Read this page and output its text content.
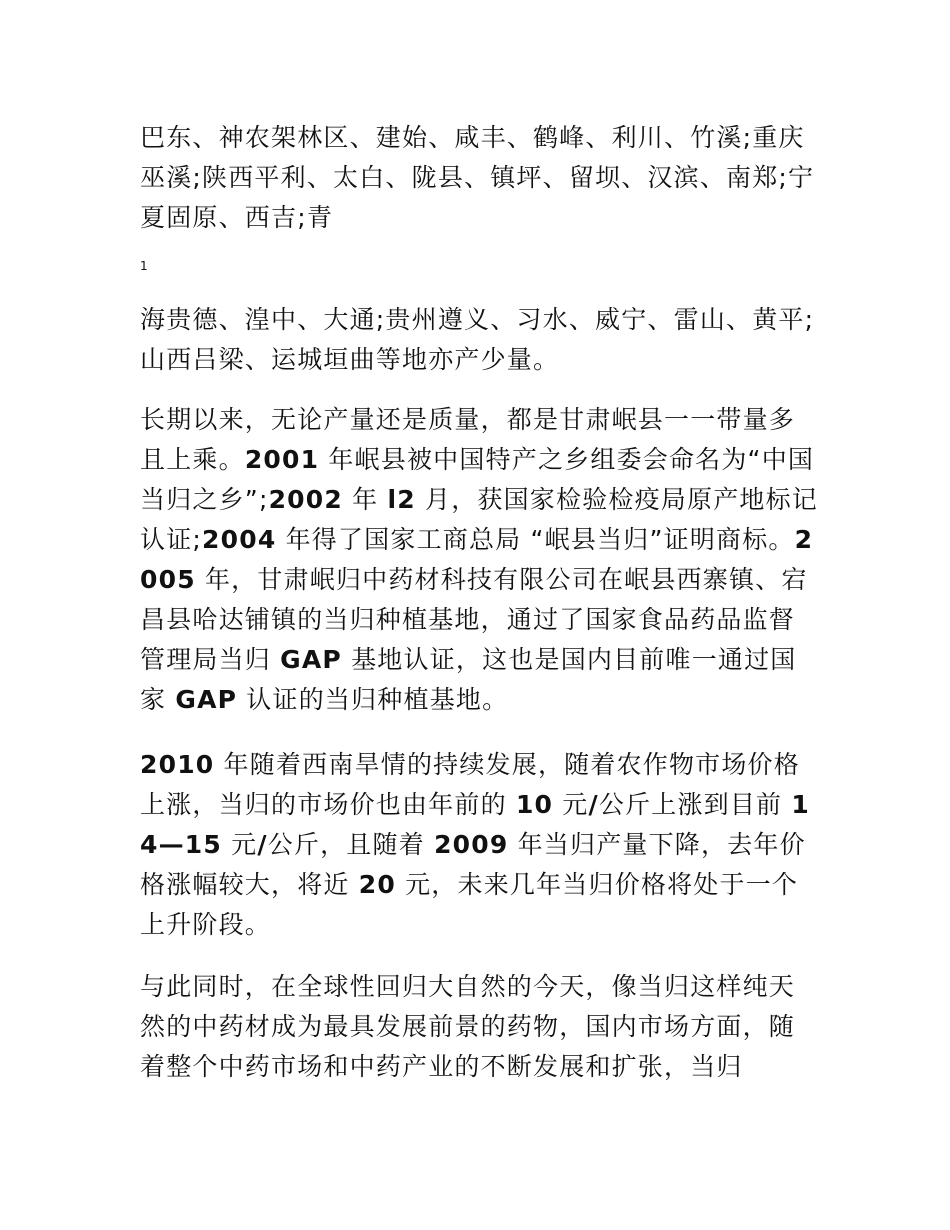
巴东、神农架林区、建始、咸丰、鹤峰、利川、竹溪;重庆巫溪;陕西平利、太白、陇县、镇坪、留坝、汉滨、南郑;宁夏固原、西吉;青

1

海贵德、湟中、大通;贵州遵义、习水、威宁、雷山、黄平;山西吕梁、运城垣曲等地亦产少量。

长期以来，无论产量还是质量，都是甘肃岷县一一带量多且上乘。2001 年岷县被中国特产之乡组委会命名为“中国当归之乡”;2002 年 l2 月，获国家检验检疫局原产地标记认证;2004 年得了国家工商总局 “岷县当归”证明商标。2005 年，甘肃岷归中药材科技有限公司在岷县西寨镇、宕昌县哈达铺镇的当归种植基地，通过了国家食品药品监督管理局当归 GAP 基地认证，这也是国内目前唯一通过国家 GAP 认证的当归种植基地。

2010 年随着西南旱情的持续发展，随着农作物市场价格上涨，当归的市场价也由年前的 10 元/公斤上涨到目前 14—15 元/公斤，且随着 2009 年当归产量下降，去年价格涨幅较大，将近 20 元，未来几年当归价格将处于一个上升阶段。

与此同时，在全球性回归大自然的今天，像当归这样纯天然的中药材成为最具发展前景的药物，国内市场方面，随着整个中药市场和中药产业的不断发展和扩张，当归
